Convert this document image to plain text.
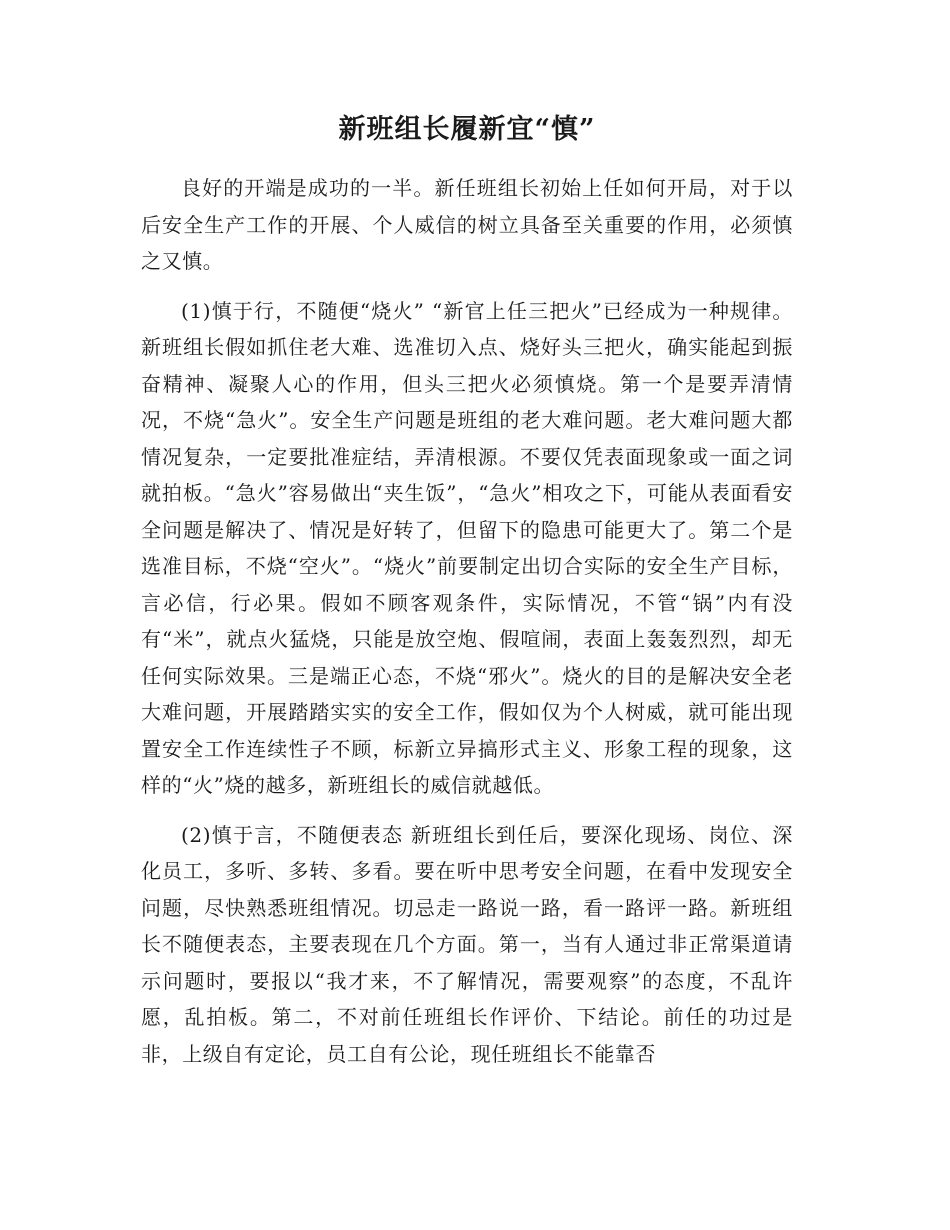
新班组长履新宜“慎”

良好的开端是成功的一半。新任班组长初始上任如何开局，对于以后安全生产工作的开展、个人威信的树立具备至关重要的作用，必须慎之又慎。

(1)慎于行，不随便“烧火” “新官上任三把火”已经成为一种规律。新班组长假如抓住老大难、选准切入点、烧好头三把火，确实能起到振奋精神、凝聚人心的作用，但头三把火必须慎烧。第一个是要弄清情况，不烧“急火”。安全生产问题是班组的老大难问题。老大难问题大都情况复杂，一定要批准症结，弄清根源。不要仅凭表面现象或一面之词就拍板。“急火”容易做出“夹生饭”，“急火”相攻之下，可能从表面看安全问题是解决了、情况是好转了，但留下的隐患可能更大了。第二个是选准目标，不烧“空火”。“烧火”前要制定出切合实际的安全生产目标，言必信，行必果。假如不顾客观条件，实际情况，不管“锅”内有没有“米”，就点火猛烧，只能是放空炮、假喧闹，表面上轰轰烈烈，却无任何实际效果。三是端正心态，不烧“邪火”。烧火的目的是解决安全老大难问题，开展踏踏实实的安全工作，假如仅为个人树威，就可能出现置安全工作连续性子不顾，标新立异搞形式主义、形象工程的现象，这样的“火”烧的越多，新班组长的威信就越低。

(2)慎于言，不随便表态 新班组长到任后，要深化现场、岗位、深化员工，多听、多转、多看。要在听中思考安全问题，在看中发现安全问题，尽快熟悉班组情况。切忌走一路说一路，看一路评一路。新班组长不随便表态，主要表现在几个方面。第一，当有人通过非正常渠道请示问题时，要报以“我才来，不了解情况，需要观察”的态度，不乱许愿，乱拍板。第二，不对前任班组长作评价、下结论。前任的功过是非，上级自有定论，员工自有公论，现任班组长不能靠否
